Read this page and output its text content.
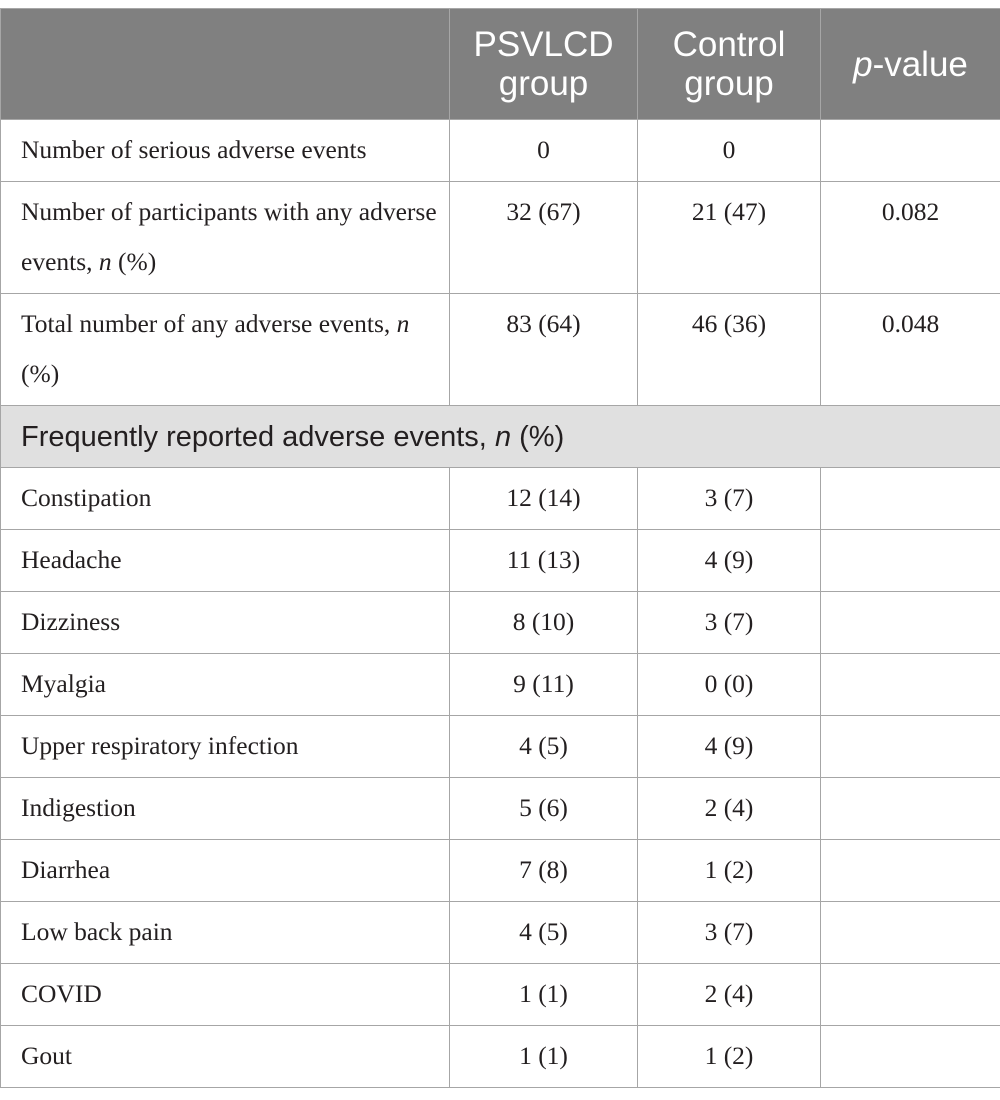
	PSVLCD group	Control group	p-value
Number of serious adverse events	0	0	
Number of participants with any adverse events, n (%)	32 (67)	21 (47)	0.082
Total number of any adverse events, n (%)	83 (64)	46 (36)	0.048
Frequently reported adverse events, n (%)			
Constipation	12 (14)	3 (7)	
Headache	11 (13)	4 (9)	
Dizziness	8 (10)	3 (7)	
Myalgia	9 (11)	0 (0)	
Upper respiratory infection	4 (5)	4 (9)	
Indigestion	5 (6)	2 (4)	
Diarrhea	7 (8)	1 (2)	
Low back pain	4 (5)	3 (7)	
COVID	1 (1)	2 (4)	
Gout	1 (1)	1 (2)	
